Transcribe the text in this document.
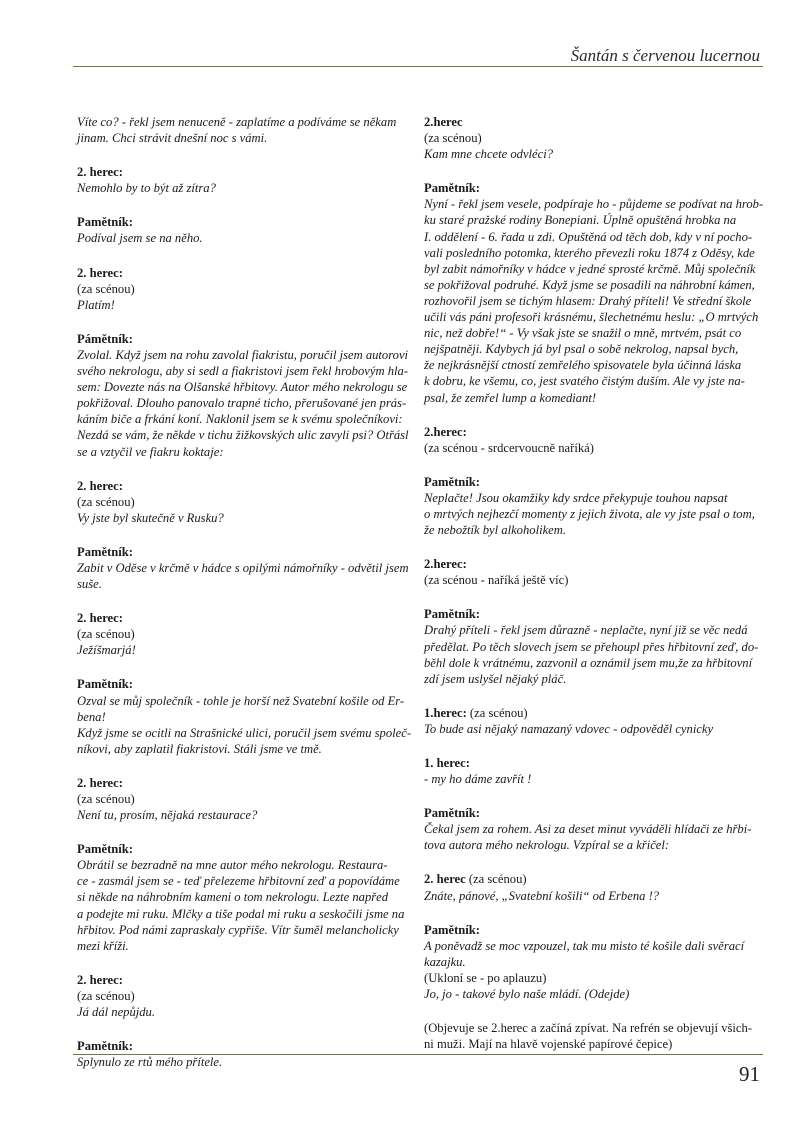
Šantán s červenou lucernou
Víte co? - řekl jsem nenuceně - zaplatíme a podíváme se někam
jinam. Chci strávit dnešní noc s vámi.
2. herec:
Nemohlo by to být až zítra?
Pamětník:
Podíval jsem se na něho.
2. herec:
(za scénou)
Platím!
Pámětník:
Zvolal. Když jsem na rohu zavolal fiakristu, poručil jsem autorovi
svého nekrologu, aby si sedl a fiakristovi jsem řekl hrobovým hla-
sem: Dovezte nás na Olšanské hřbitovy. Autor mého nekrologu se
pokřižoval. Dlouho panovalo trapné ticho, přerušované jen prás-
káním biče a frkání koní. Naklonil jsem se k svému společníkovi:
Nezdá se vám, že někde v tichu žižkovských ulic zavyli psi? Otřásl
se a vztyčil ve fiakru koktaje:
2. herec:
(za scénou)
Vy jste byl skutečně v Rusku?
Pamětník:
Zabit v Oděse v krčmě v hádce s opilými námořníky - odvětil jsem
suše.
2. herec:
(za scénou)
Ježíšmarjá!
Pamětník:
Ozval se můj společník - tohle je horší než Svatební košile od Er-
bena!
Když jsme se ocitli na Strašnické ulici, poručil jsem svému společ-
níkovi, aby zaplatil fiakristovi. Stáli jsme ve tmě.
2. herec:
(za scénou)
Není tu, prosím, nějaká restaurace?
Pamětník:
Obrátil se bezradně na mne autor mého nekrologu. Restaura-
ce - zasmál jsem se - teď přelezeme hřbitovní zeď a popovídáme
si někde na náhrobním kameni o tom nekrologu. Lezte napřed
a podejte mi ruku. Mlčky a tiše podal mi ruku a seskočili jsme na
hřbitov. Pod námi zapraskaly cypřiše. Vítr šuměl melancholicky
mezi kříži.
2. herec:
(za scénou)
Já dál nepůjdu.
Pamětník:
Splynulo ze rtů mého přítele.
2.herec
(za scénou)
Kam mne chcete odvléci?
Pamětník:
Nyní - řekl jsem vesele, podpíraje ho - půjdeme se podívat na hrob-
ku staré pražské rodiny Bonepiani. Úplně opuštěná hrobka na
I. oddělení - 6. řada u zdi. Opuštěná od těch dob, kdy v ní pocho-
vali posledního potomka, kterého převezli roku 1874 z Oděsy, kde
byl zabit námořníky v hádce v jedné sprosté krčmě. Můj společník
se pokřižoval podruhé. Když jsme se posadili na náhrobní kámen,
rozhovořil jsem se tichým hlasem: Drahý příteli! Ve střední škole
učili vás páni profesoři krásnému, šlechetnému heslu: „O mrtvých
nic, než dobře!“ - Vy však jste se snažil o mně, mrtvém, psát co
nejšpatněji. Kdybych já byl psal o sobě nekrolog, napsal bych,
že nejkrásnější ctností zemřelého spisovatele byla účinná láska
k dobru, ke všemu, co, jest svatého čistým duším. Ale vy jste na-
psal, že zemřel lump a komediant!
2.herec:
(za scénou - srdcervoucně naříká)
Pamětník:
Neplačte! Jsou okamžiky kdy srdce překypuje touhou napsat
o mrtvých nejhezčí momenty z jejich života, ale vy jste psal o tom,
že nebožtík byl alkoholikem.
2.herec:
(za scénou - naříká ještě víc)
Pamětník:
Drahý příteli - řekl jsem důrazně - neplačte, nyní již se věc nedá
předělat. Po těch slovech jsem se přehoupl přes hřbitovní zeď, do-
běhl dole k vrátnému, zazvonil a oznámil jsem mu,že za hřbitovní
zdí jsem uslyšel nějaký pláč.
1.herec: (za scénou)
To bude asi nějaký namazaný vdovec - odpověděl cynicky
1. herec:
- my ho dáme zavřít !
Pamětník:
Čekal jsem za rohem. Asi za deset minut vyváděli hlídači ze hřbi-
tova autora mého nekrologu. Vzpíral se a křičel:
2. herec (za scénou)
Znáte, pánové, „Svatební košili“ od Erbena !?
Pamětník:
A poněvadž se moc vzpouzel, tak mu misto té košile dali svěrací
kazajku.
(Ukloní se - po aplauzu)
Jo, jo - takové bylo naše mládí. (Odejde)
(Objevuje se 2.herec a začíná zpívat. Na refrén se objevují všich-
ni muži. Mají na hlavě vojenské papírové čepice)
91
